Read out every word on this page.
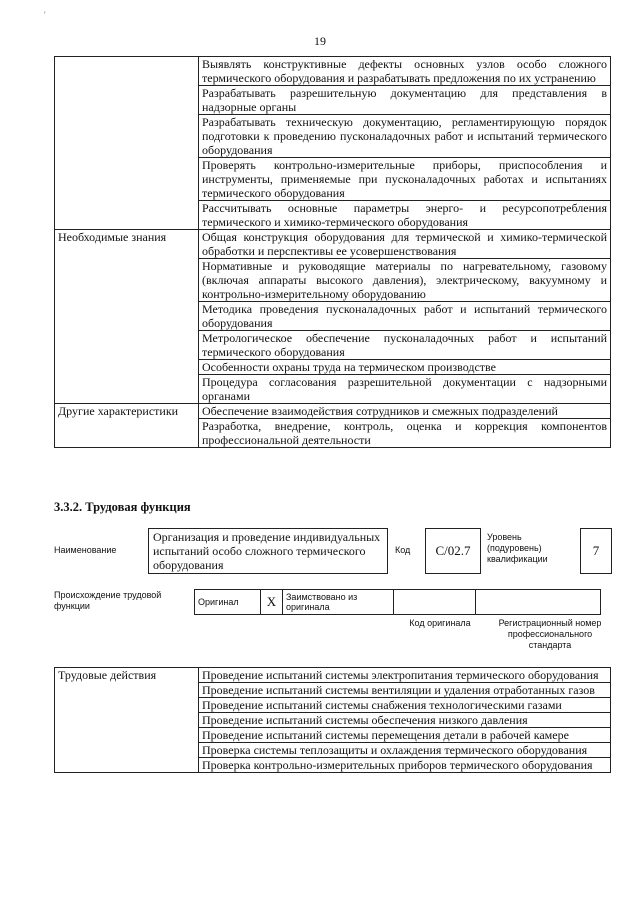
'
19
	Выявлять конструктивные дефекты основных узлов особо сложного термического оборудования и разрабатывать предложения по их устранению
	Разрабатывать разрешительную документацию для представления в надзорные органы
	Разрабатывать техническую документацию, регламентирующую порядок подготовки к проведению пусконаладочных работ и испытаний термического оборудования
	Проверять контрольно-измерительные приборы, приспособления и инструменты, применяемые при пусконаладочных работах и испытаниях термического оборудования
	Рассчитывать основные параметры энерго- и ресурсопотребления термического и химико-термического оборудования
Необходимые знания	Общая конструкция оборудования для термической и химико-термической обработки и перспективы ее усовершенствования
	Нормативные и руководящие материалы по нагревательному, газовому (включая аппараты высокого давления), электрическому, вакуумному и контрольно-измерительному оборудованию
	Методика проведения пусконаладочных работ и испытаний термического оборудования
	Метрологическое обеспечение пусконаладочных работ и испытаний термического оборудования
	Особенности охраны труда на термическом производстве
	Процедура согласования разрешительной документации с надзорными органами
Другие характеристики	Обеспечение взаимодействия сотрудников и смежных подразделений
	Разработка, внедрение, контроль, оценка и коррекция компонентов профессиональной деятельности
3.3.2. Трудовая функция
Наименование
Организация и проведение индивидуальных испытаний особо сложного термического оборудования
Код	C/02.7
Уровень (подуровень) квалификации
7
Происхождение трудовой функции	Оригинал	X	Заимствовано из оригинала		
Код оригинала	Регистрационный номер профессионального стандарта
Трудовые действия	Проведение испытаний системы электропитания термического оборудования
Проведение испытаний системы вентиляции и удаления отработанных газов
Проведение испытаний системы снабжения технологическими газами
Проведение испытаний системы обеспечения низкого давления
Проведение испытаний системы перемещения детали в рабочей камере
Проверка системы теплозащиты и охлаждения термического оборудования
Проверка контрольно-измерительных приборов термического оборудования
